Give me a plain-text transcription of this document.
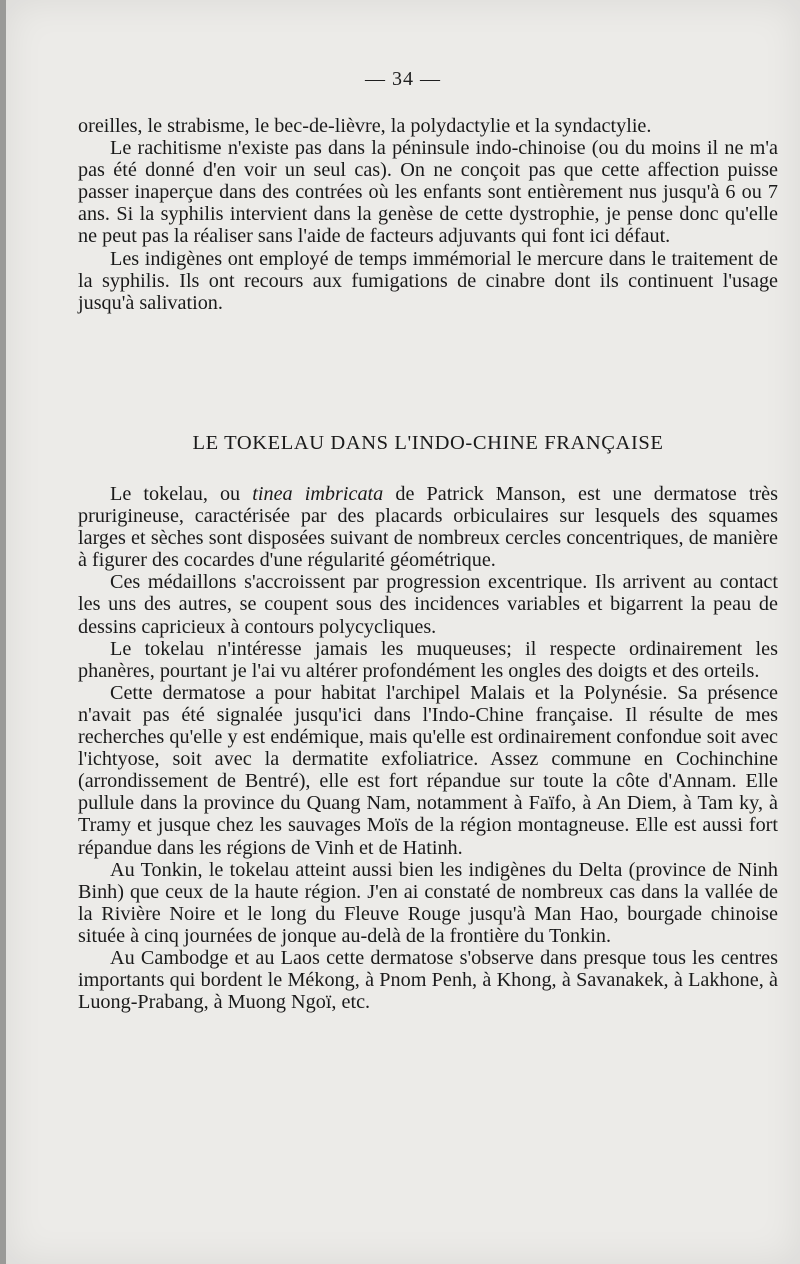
— 34 —

oreilles, le strabisme, le bec-de-lièvre, la polydactylie et la syndactylie.

Le rachitisme n'existe pas dans la péninsule indo-chinoise (ou du moins il ne m'a pas été donné d'en voir un seul cas). On ne conçoit pas que cette affection puisse passer inaperçue dans des contrées où les enfants sont entièrement nus jusqu'à 6 ou 7 ans. Si la syphilis intervient dans la genèse de cette dystrophie, je pense donc qu'elle ne peut pas la réaliser sans l'aide de facteurs adjuvants qui font ici défaut.

Les indigènes ont employé de temps immémorial le mercure dans le traitement de la syphilis. Ils ont recours aux fumigations de cinabre dont ils continuent l'usage jusqu'à salivation.

LE TOKELAU DANS L'INDO-CHINE FRANÇAISE

Le tokelau, ou tinea imbricata de Patrick Manson, est une dermatose très prurigineuse, caractérisée par des placards orbiculaires sur lesquels des squames larges et sèches sont disposées suivant de nombreux cercles concentriques, de manière à figurer des cocardes d'une régularité géométrique.

Ces médaillons s'accroissent par progression excentrique. Ils arrivent au contact les uns des autres, se coupent sous des incidences variables et bigarrent la peau de dessins capricieux à contours polycycliques.

Le tokelau n'intéresse jamais les muqueuses; il respecte ordinairement les phanères, pourtant je l'ai vu altérer profondément les ongles des doigts et des orteils.

Cette dermatose a pour habitat l'archipel Malais et la Polynésie. Sa présence n'avait pas été signalée jusqu'ici dans l'Indo-Chine française. Il résulte de mes recherches qu'elle y est endémique, mais qu'elle est ordinairement confondue soit avec l'ichtyose, soit avec la dermatite exfoliatrice. Assez commune en Cochinchine (arrondissement de Bentré), elle est fort répandue sur toute la côte d'Annam. Elle pullule dans la province du Quang Nam, notamment à Faïfo, à An Diem, à Tam ky, à Tramy et jusque chez les sauvages Moïs de la région montagneuse. Elle est aussi fort répandue dans les régions de Vinh et de Hatinh.

Au Tonkin, le tokelau atteint aussi bien les indigènes du Delta (province de Ninh Binh) que ceux de la haute région. J'en ai constaté de nombreux cas dans la vallée de la Rivière Noire et le long du Fleuve Rouge jusqu'à Man Hao, bourgade chinoise située à cinq journées de jonque au-delà de la frontière du Tonkin.

Au Cambodge et au Laos cette dermatose s'observe dans presque tous les centres importants qui bordent le Mékong, à Pnom Penh, à Khong, à Savanakek, à Lakhone, à Luong-Prabang, à Muong Ngoï, etc.
